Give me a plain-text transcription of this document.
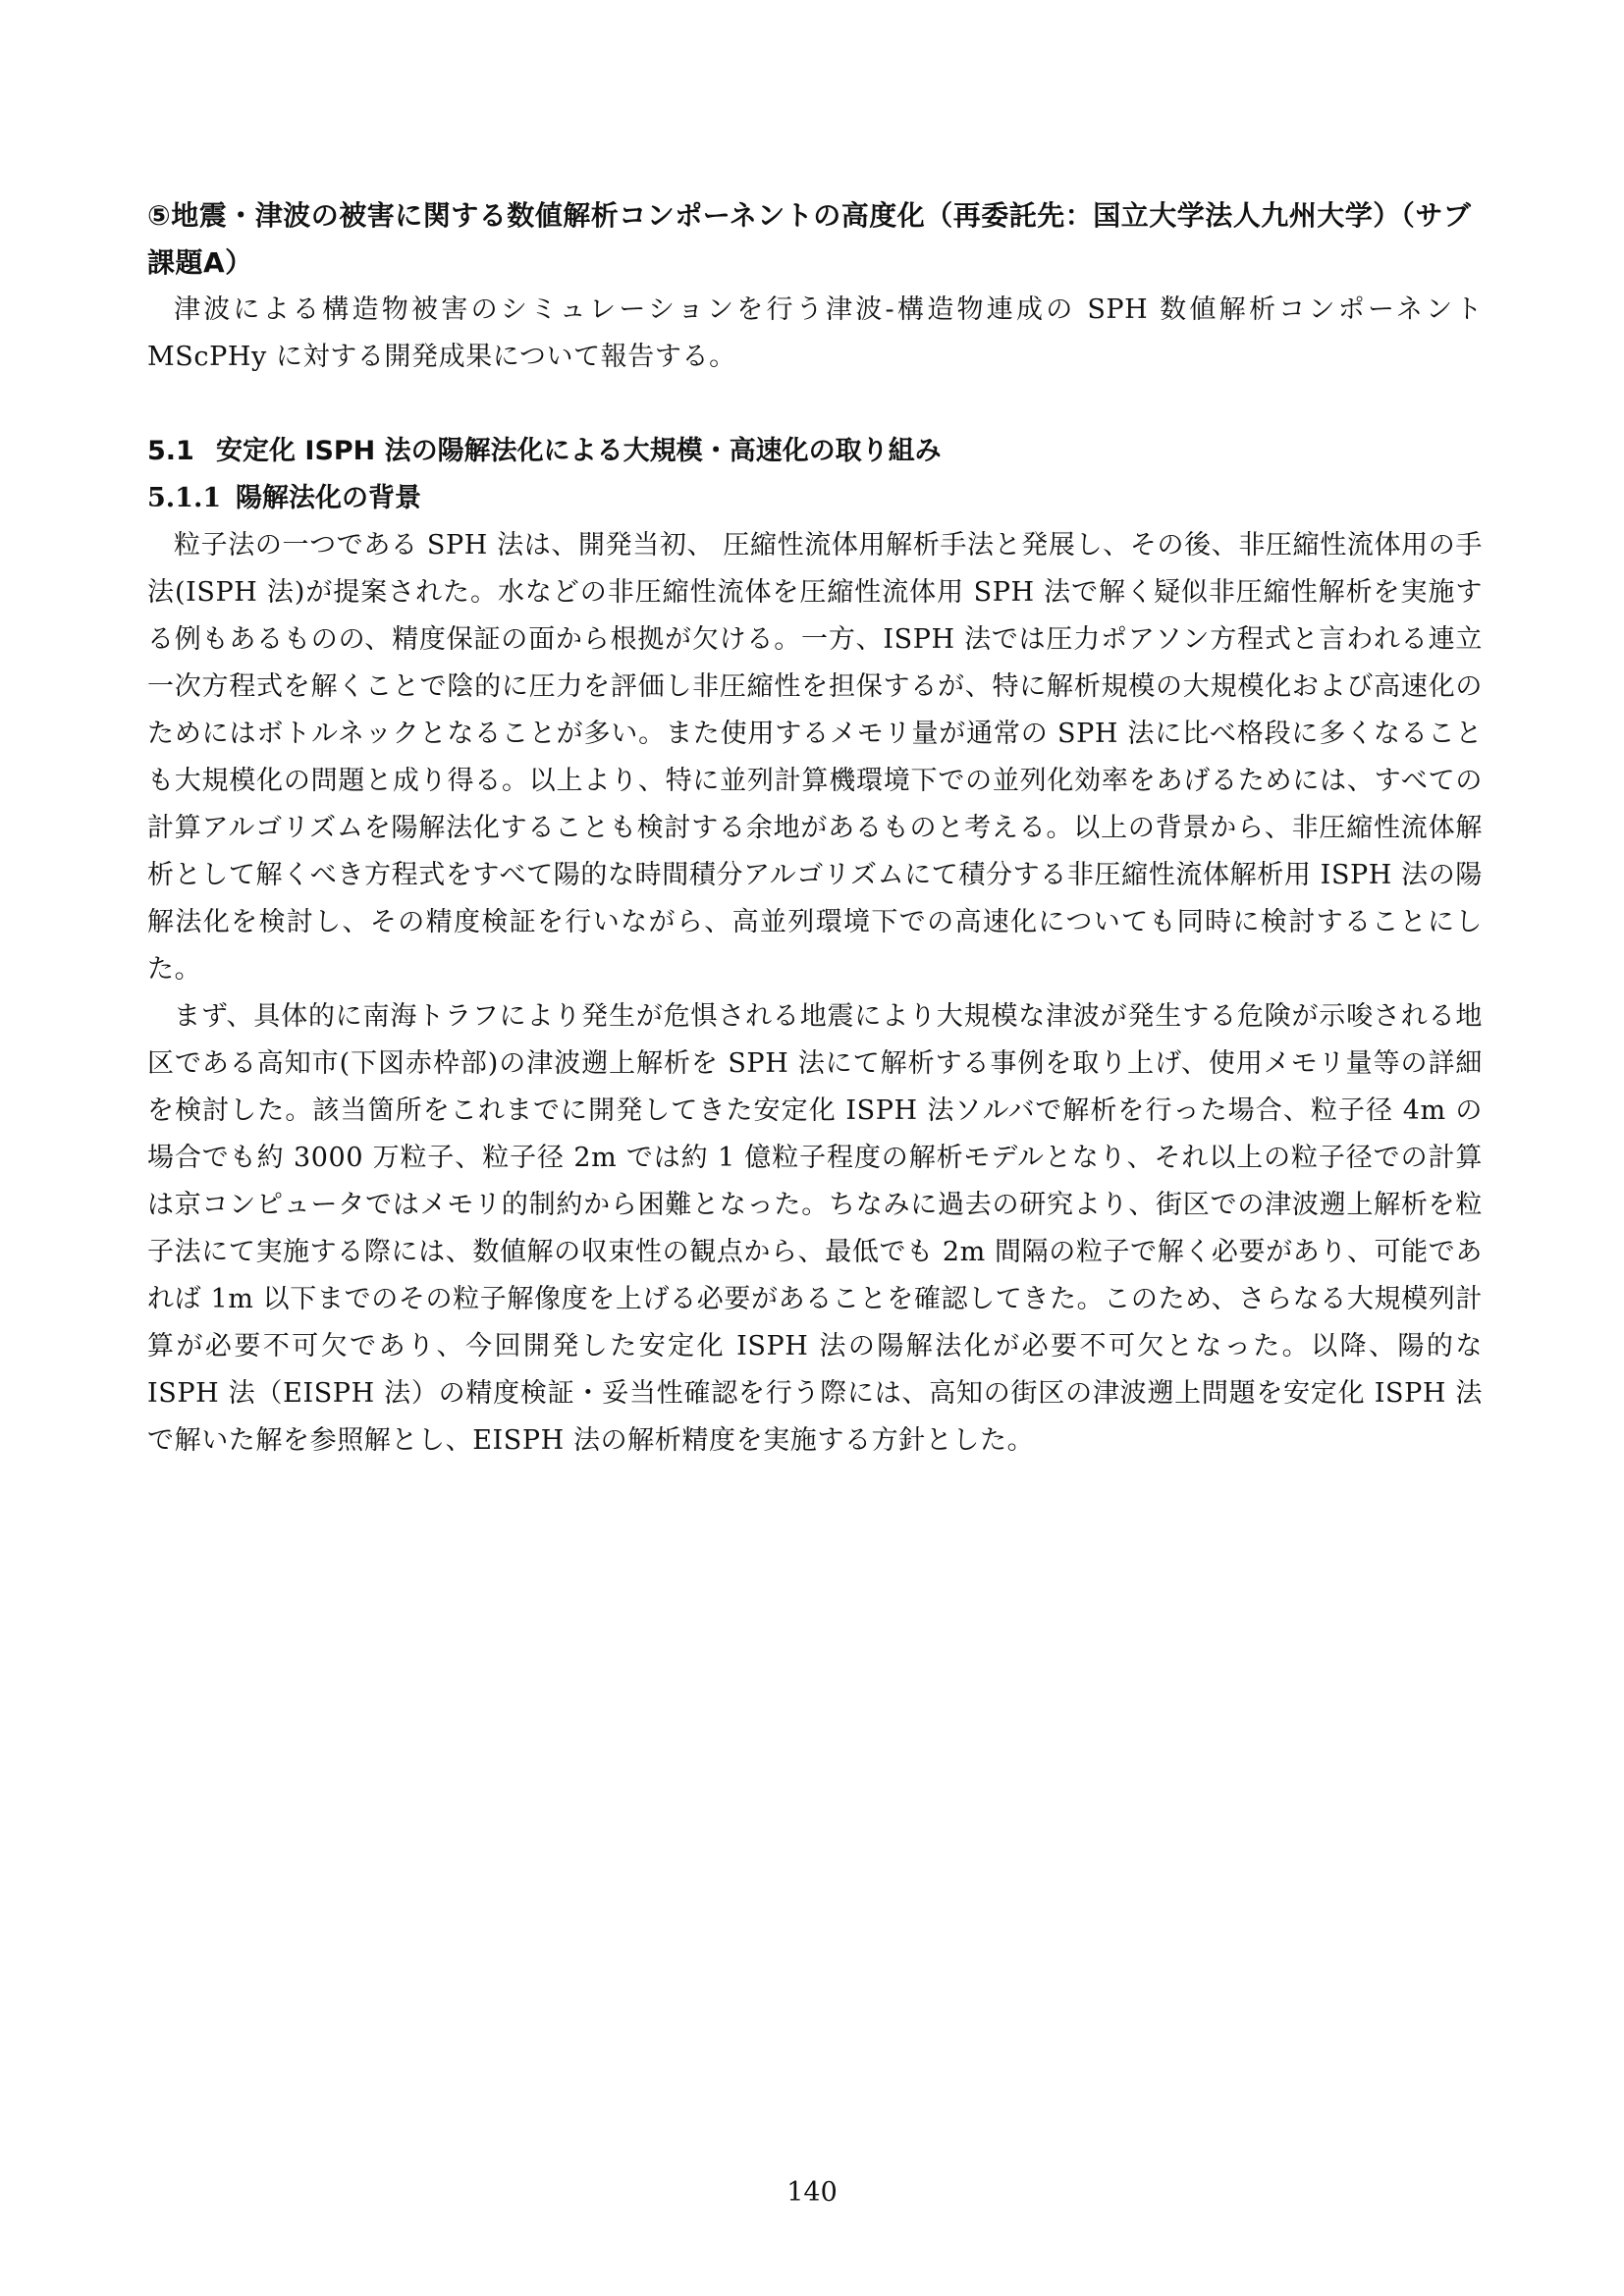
⑤地震・津波の被害に関する数値解析コンポーネントの高度化（再委託先：国立大学法人九州大学）（サブ課題A）

津波による構造物被害のシミュレーションを行う津波-構造物連成の SPH 数値解析コンポーネント MScPHy に対する開発成果について報告する。

5.1 安定化 ISPH 法の陽解法化による大規模・高速化の取り組み
5.1.1 陽解法化の背景

粒子法の一つである SPH 法は、開発当初、 圧縮性流体用解析手法と発展し、その後、非圧縮性流体用の手法(ISPH 法)が提案された。水などの非圧縮性流体を圧縮性流体用 SPH 法で解く疑似非圧縮性解析を実施する例もあるものの、精度保証の面から根拠が欠ける。一方、ISPH 法では圧力ポアソン方程式と言われる連立一次方程式を解くことで陰的に圧力を評価し非圧縮性を担保するが、特に解析規模の大規模化および高速化のためにはボトルネックとなることが多い。また使用するメモリ量が通常の SPH 法に比べ格段に多くなることも大規模化の問題と成り得る。以上より、特に並列計算機環境下での並列化効率をあげるためには、すべての計算アルゴリズムを陽解法化することも検討する余地があるものと考える。以上の背景から、非圧縮性流体解析として解くべき方程式をすべて陽的な時間積分アルゴリズムにて積分する非圧縮性流体解析用 ISPH 法の陽解法化を検討し、その精度検証を行いながら、高並列環境下での高速化についても同時に検討することにした。

まず、具体的に南海トラフにより発生が危惧される地震により大規模な津波が発生する危険が示唆される地区である高知市(下図赤枠部)の津波遡上解析を SPH 法にて解析する事例を取り上げ、使用メモリ量等の詳細を検討した。該当箇所をこれまでに開発してきた安定化 ISPH 法ソルバで解析を行った場合、粒子径 4m の場合でも約 3000 万粒子、粒子径 2m では約 1 億粒子程度の解析モデルとなり、それ以上の粒子径での計算は京コンピュータではメモリ的制約から困難となった。ちなみに過去の研究より、街区での津波遡上解析を粒子法にて実施する際には、数値解の収束性の観点から、最低でも 2m 間隔の粒子で解く必要があり、可能であれば 1m 以下までのその粒子解像度を上げる必要があることを確認してきた。このため、さらなる大規模列計算が必要不可欠であり、今回開発した安定化 ISPH 法の陽解法化が必要不可欠となった。以降、陽的な ISPH 法（EISPH 法）の精度検証・妥当性確認を行う際には、高知の街区の津波遡上問題を安定化 ISPH 法で解いた解を参照解とし、EISPH 法の解析精度を実施する方針とした。

140
